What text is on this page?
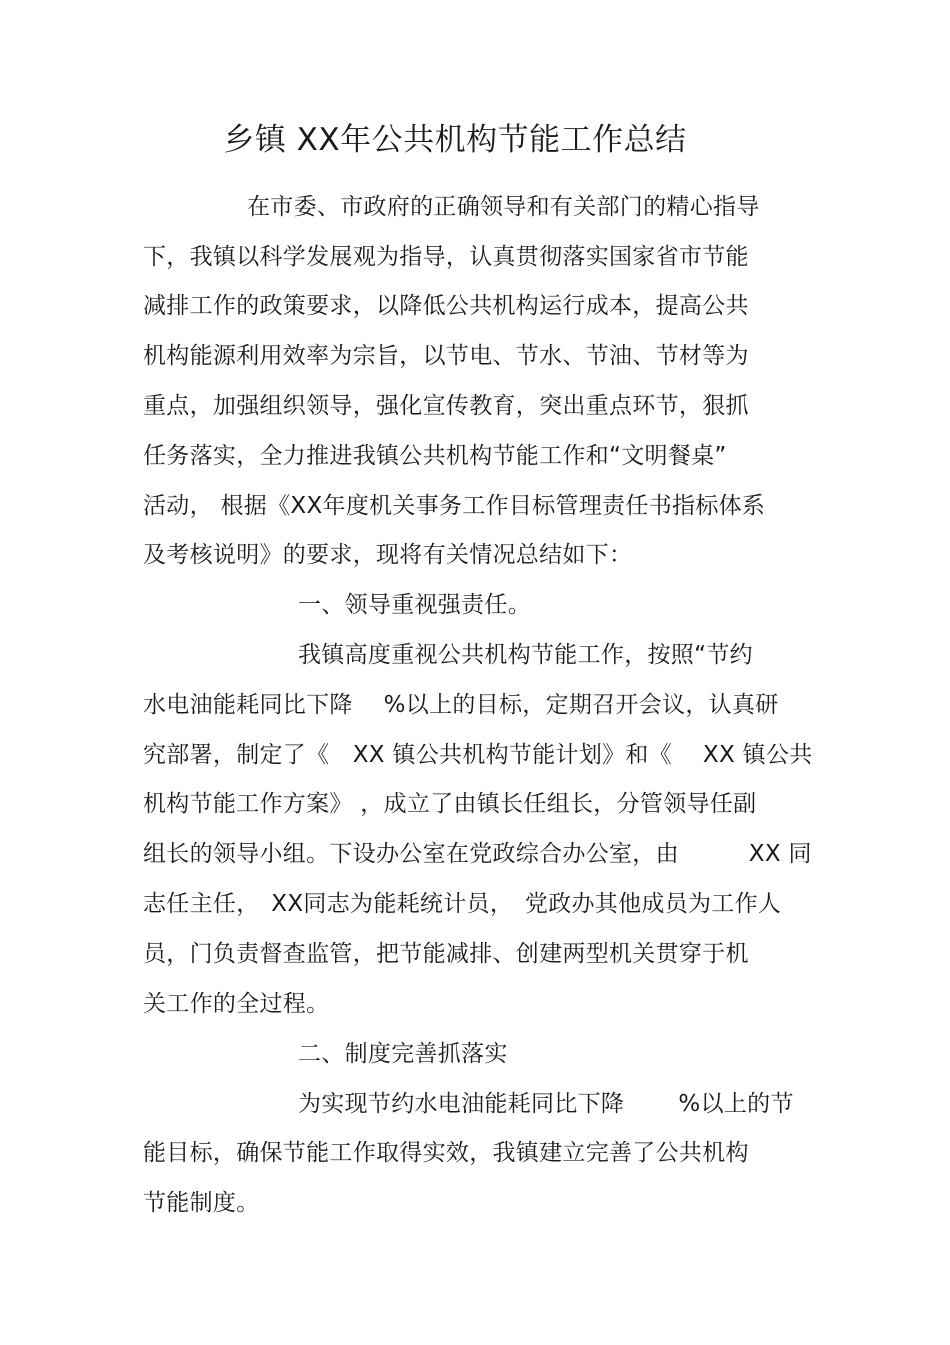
乡镇 XX年公共机构节能工作总结
在市委、市政府的正确领导和有关部门的精心指导
下，我镇以科学发展观为指导，认真贯彻落实国家省市节能
减排工作的政策要求，以降低公共机构运行成本，提高公共
机构能源利用效率为宗旨，以节电、节水、节油、节材等为
重点，加强组织领导，强化宣传教育，突出重点环节，狠抓
任务落实，全力推进我镇公共机构节能工作和“文明餐桌”
活动， 根据《XX年度机关事务工作目标管理责任书指标体系
及考核说明》的要求，现将有关情况总结如下：
一、领导重视强责任。
我镇高度重视公共机构节能工作，按照“节约
水电油能耗同比下降　 %以上的目标，定期召开会议，认真研
究部署，制定了《　XX 镇公共机构节能计划》和《　 XX 镇公共
机构节能工作方案》 ，成立了由镇长任组长，分管领导任副
组长的领导小组。下设办公室在党政综合办公室，由　　　XX 同
志任主任，　XX同志为能耗统计员，　党政办其他成员为工作人
员，门负责督查监管，把节能减排、创建两型机关贯穿于机
关工作的全过程。
二、制度完善抓落实
为实现节约水电油能耗同比下降　　 %以上的节
能目标，确保节能工作取得实效，我镇建立完善了公共机构
节能制度。
